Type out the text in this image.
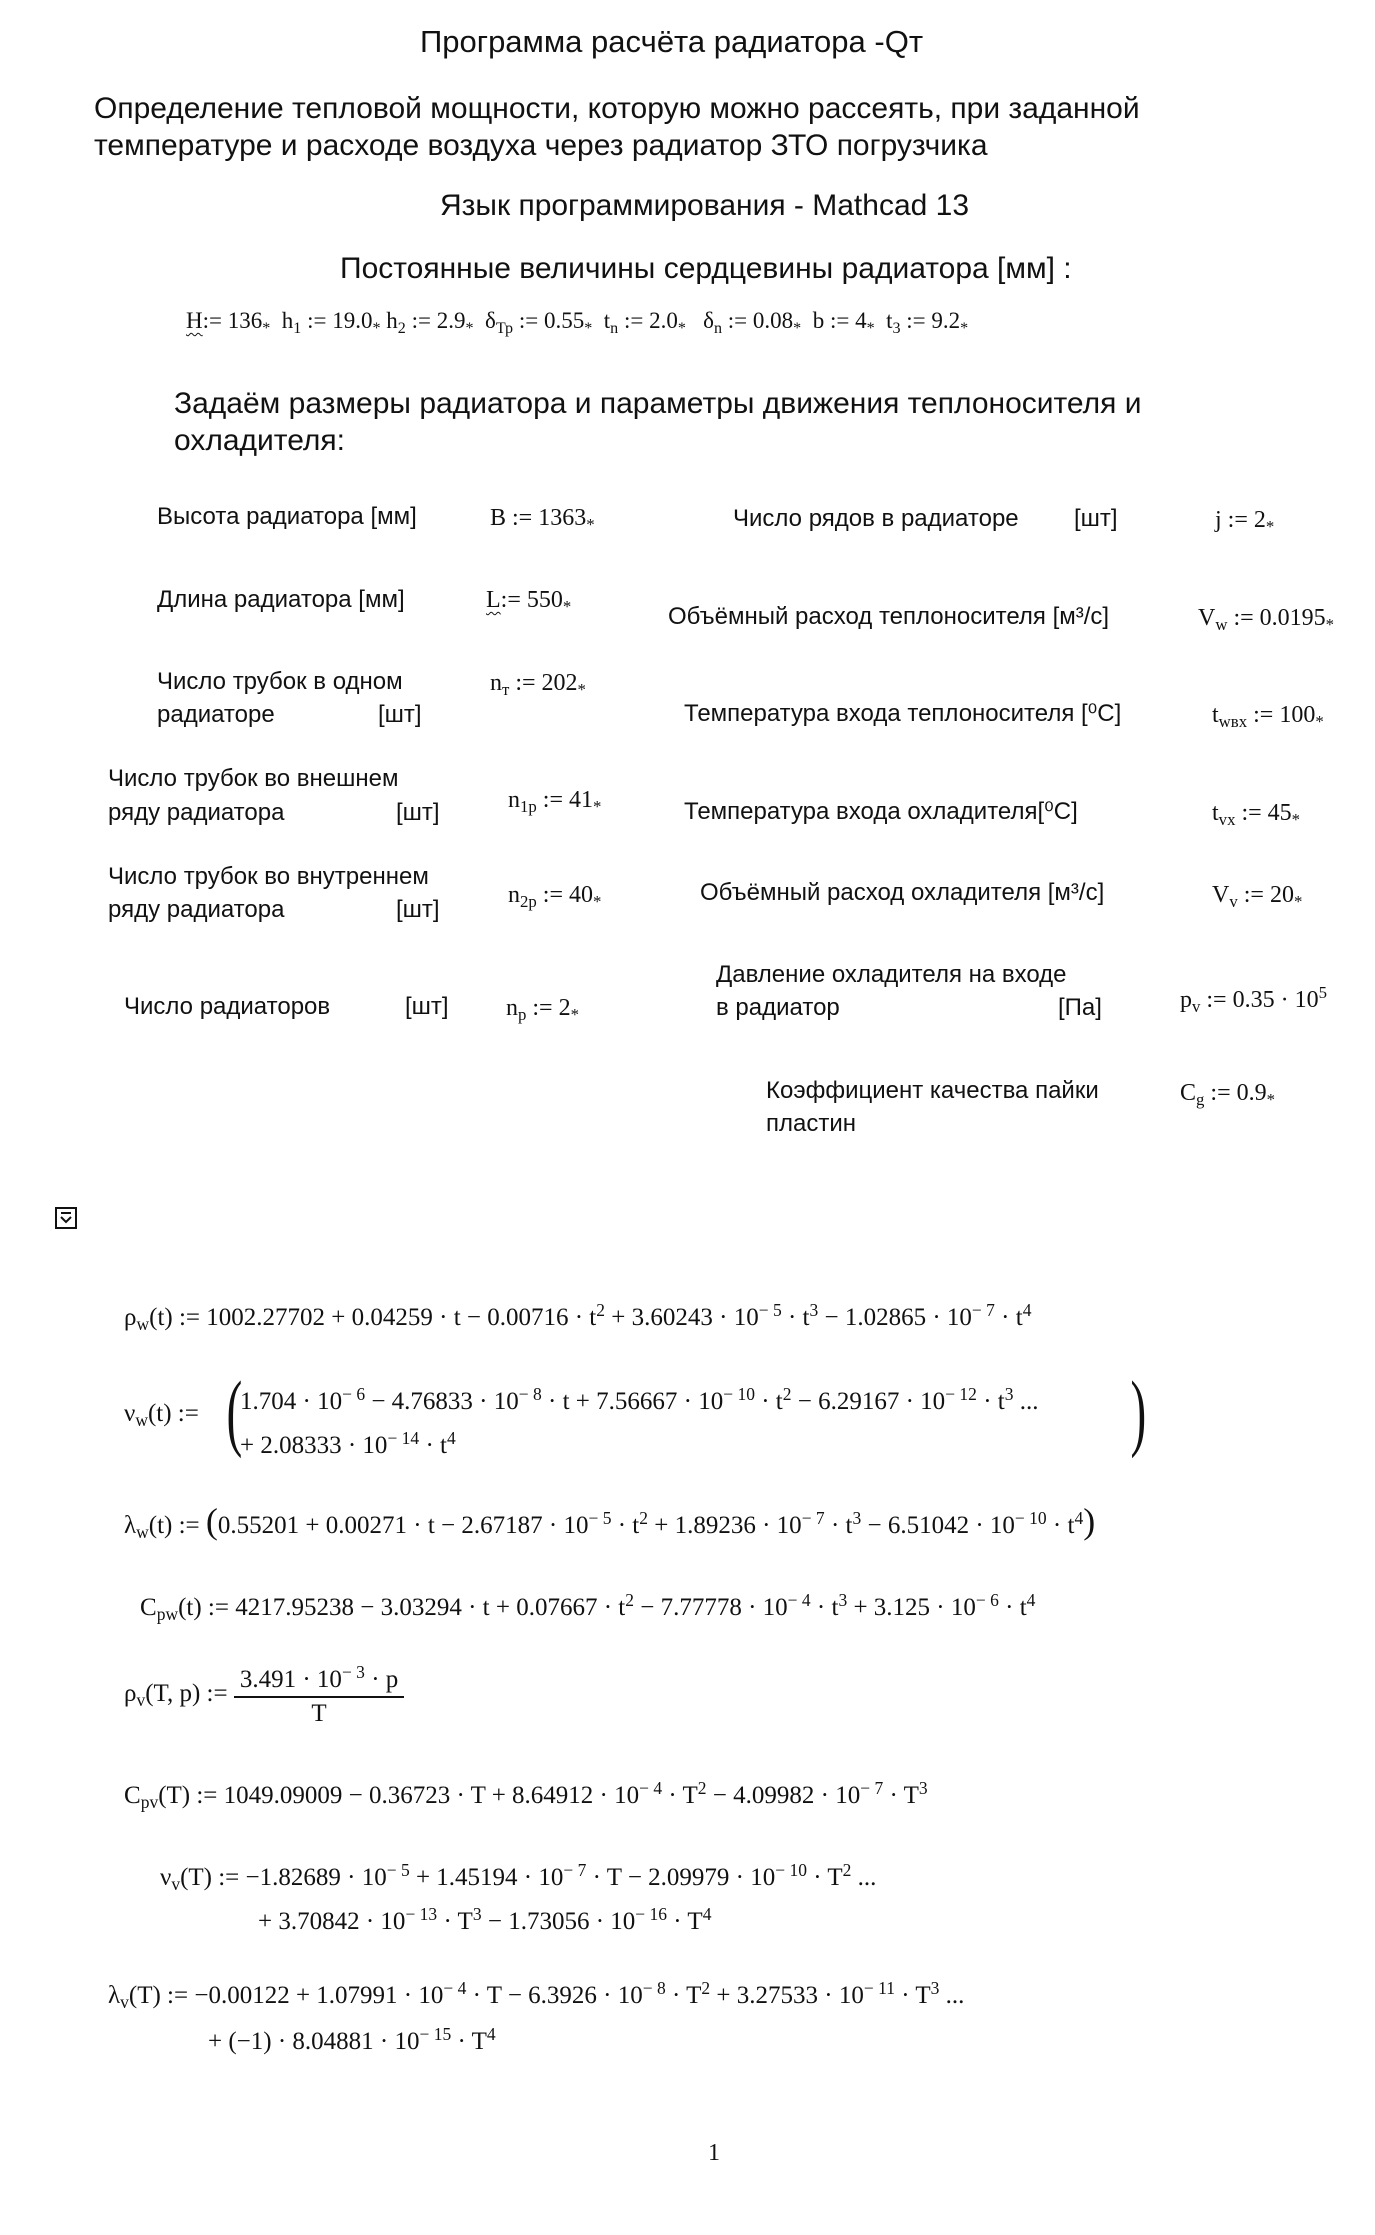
Программа расчёта радиатора -Qт
Определение тепловой мощности, которую можно рассеять, при заданной
температуре и расходе воздуха через радиатор ЗТО погрузчика
Язык программирования - Mathcad 13
Постоянные величины сердцевины радиатора [мм] :
H:= $136_*$  $h_1$ := $19.0_*$ $h_2$ := $2.9_*$  $\delta_{Тр}$ := $0.55_*$  $t_n$ := $2.0_*$   $\delta_n$ := $0.08_*$  b := $4_*$  $t_3$ := $9.2_*$
Задаём размеры радиатора и параметры движения теплоносителя и
охладителя:
Высота радиатора [мм]	B := $1363_*$
Длина радиатора [мм]	L:= $550_*$
Число трубок в одном
радиаторе	[шт]
$n_т$ := $202_*$
Число трубок во внешнем
ряду радиатора	[шт]	$n_{1р}$ := $41_*$
Число трубок во внутреннем
ряду радиатора	[шт]
$n_{2р}$ := $40_*$
Число радиаторов	[шт] $n_р$ := $2_*$
Число рядов в радиаторе [шт]	j := $2_*$
Объёмный расход теплоносителя [м³/с]	$V_w$ := $0.0195_*$
Температура входа теплоносителя [⁰С]	$t_{wвх}$ := $100_*$
Температура входа охладителя[⁰С]	$t_{vx}$ := $45_*$
Объёмный расход охладителя [м³/с]	$V_v$ := $20_*$
Давление охладителя на входе
в радиатор	[Па]	$p_v$ := $0.35 \cdot 10^5$
Коэффициент качества пайки
пластин
$C_g$ := $0.9_*$
$\rho_w(t)$ := $1002.27702 + 0.04259 \cdot t - 0.00716 \cdot t^2 + 3.60243 \cdot 10^{- 5} \cdot t^3 - 1.02865 \cdot 10^{- 7} \cdot t^4$
$\nu_w(t)$ := (
$1.704 \cdot 10^{- 6} - 4.76833 \cdot 10^{- 8} \cdot t + 7.56667 \cdot 10^{- 10} \cdot t^2 - 6.29167 \cdot 10^{- 12} \cdot t^3$ ...
+ $2.08333 \cdot 10^{- 14} \cdot t^4$	)
$\lambda_w(t)$ := $(0.55201 + 0.00271 \cdot t - 2.67187 \cdot 10^{- 5} \cdot t^2 + 1.89236 \cdot 10^{- 7} \cdot t^3 - 6.51042 \cdot 10^{- 10} \cdot t^4)$
$C_{pw}(t)$ := $4217.95238 - 3.03294 \cdot t + 0.07667 \cdot t^2 - 7.77778 \cdot 10^{- 4} \cdot t^3 + 3.125 \cdot 10^{- 6} \cdot t^4$
$\rho_v(T$, p) := $\frac{3.491 \cdot 10^{- 3} \cdot p}{T}$
$C_{pv}(T)$ := $1049.09009 - 0.36723 \cdot T + 8.64912 \cdot 10^{- 4} \cdot T^2 - 4.09982 \cdot 10^{- 7} \cdot T^3$
$\nu_v(T)$ := $-1.82689 \cdot 10^{- 5} + 1.45194 \cdot 10^{- 7} \cdot T - 2.09979 \cdot 10^{- 10} \cdot T^2$ ...
+ $3.70842 \cdot 10^{- 13} \cdot T^3 - 1.73056 \cdot 10^{- 16} \cdot T^4$
$\lambda_v(T)$ := $-0.00122 + 1.07991 \cdot 10^{- 4} \cdot T - 6.3926 \cdot 10^{- 8} \cdot T^2 + 3.27533 \cdot 10^{- 11} \cdot T^3$ ...
+ $(-1) \cdot 8.04881 \cdot 10^{- 15} \cdot T^4$
1
